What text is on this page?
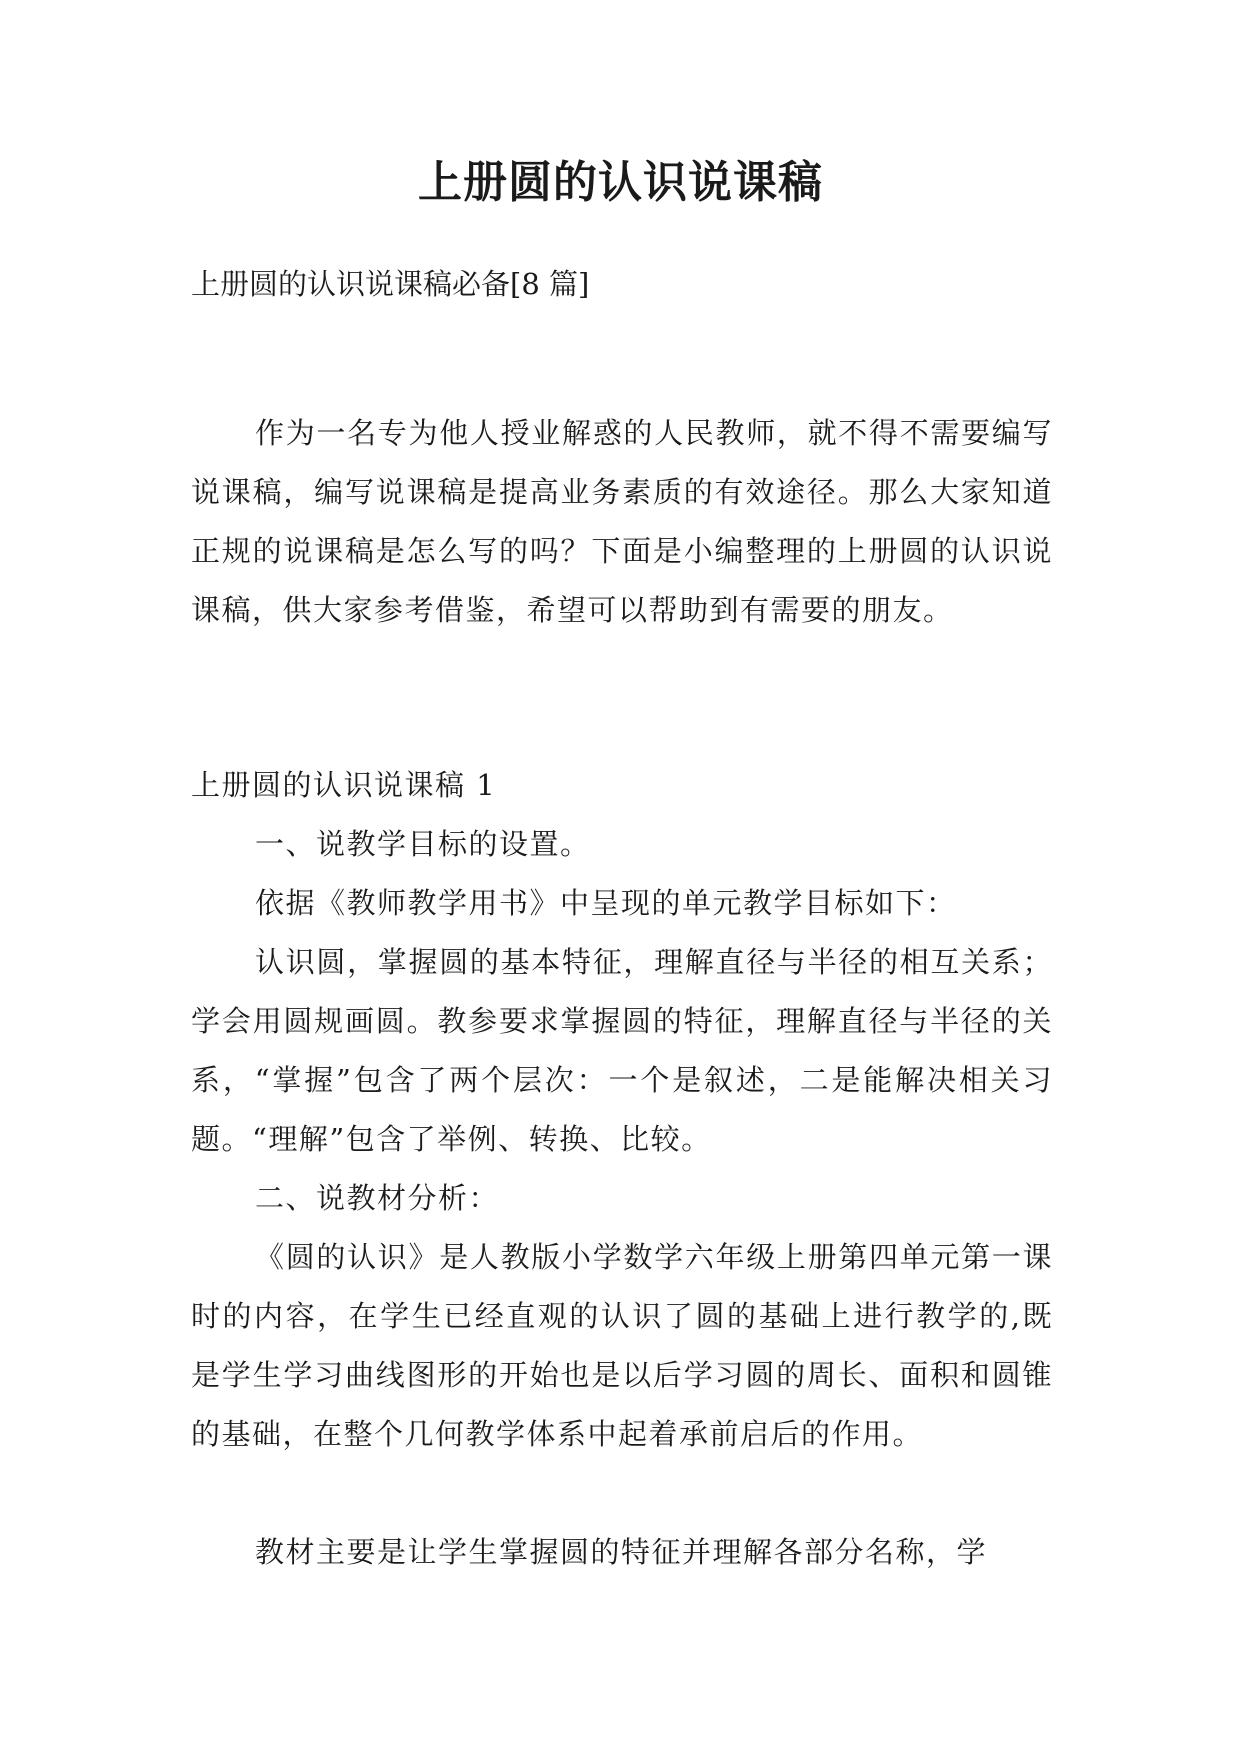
上册圆的认识说课稿

上册圆的认识说课稿必备[8 篇]

作为一名专为他人授业解惑的人民教师，就不得不需要编写说课稿，编写说课稿是提高业务素质的有效途径。那么大家知道正规的说课稿是怎么写的吗？下面是小编整理的上册圆的认识说课稿，供大家参考借鉴，希望可以帮助到有需要的朋友。

上册圆的认识说课稿 1

一、说教学目标的设置。

依据《教师教学用书》中呈现的单元教学目标如下：

认识圆，掌握圆的基本特征，理解直径与半径的相互关系；学会用圆规画圆。教参要求掌握圆的特征，理解直径与半径的关系，“掌握”包含了两个层次：一个是叙述，二是能解决相关习题。“理解”包含了举例、转换、比较。

二、说教材分析：

《圆的认识》是人教版小学数学六年级上册第四单元第一课时的内容，在学生已经直观的认识了圆的基础上进行教学的,既是学生学习曲线图形的开始也是以后学习圆的周长、面积和圆锥的基础，在整个几何教学体系中起着承前启后的作用。

教材主要是让学生掌握圆的特征并理解各部分名称，学
